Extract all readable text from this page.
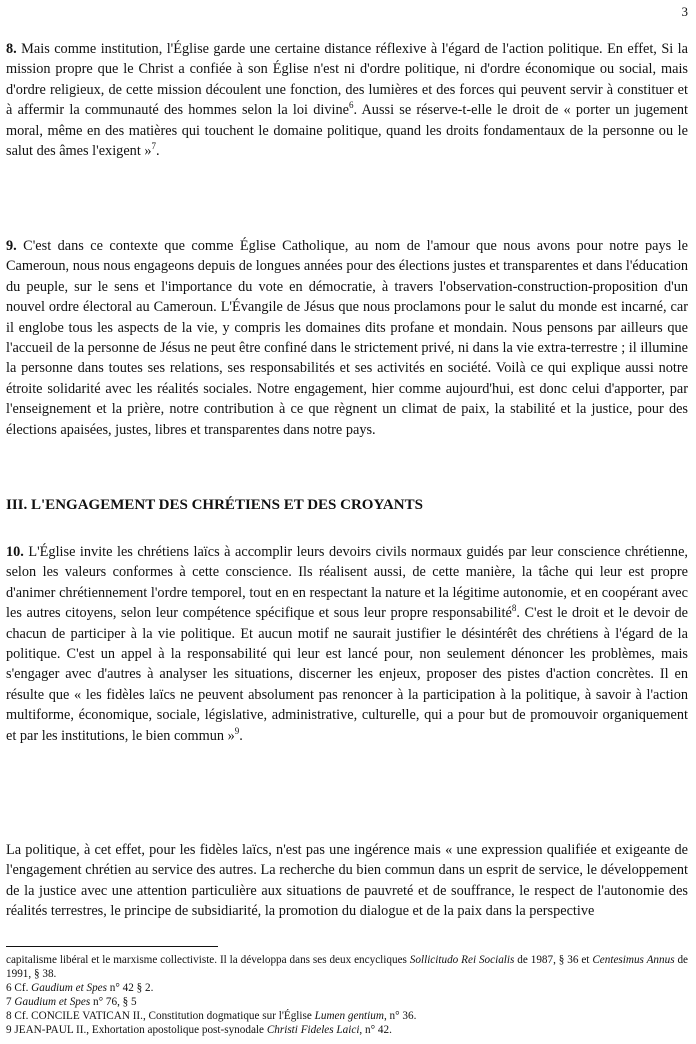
3

8. Mais comme institution, l'Église garde une certaine distance réflexive à l'égard de l'action politique. En effet, Si la mission propre que le Christ a confiée à son Église n'est ni d'ordre politique, ni d'ordre économique ou social, mais d'ordre religieux, de cette mission découlent une fonction, des lumières et des forces qui peuvent servir à constituer et à affermir la communauté des hommes selon la loi divine$^6$. Aussi se réserve-t-elle le droit de « porter un jugement moral, même en des matières qui touchent le domaine politique, quand les droits fondamentaux de la personne ou le salut des âmes l'exigent »$^7$.

9. C'est dans ce contexte que comme Église Catholique, au nom de l'amour que nous avons pour notre pays le Cameroun, nous nous engageons depuis de longues années pour des élections justes et transparentes et dans l'éducation du peuple, sur le sens et l'importance du vote en démocratie, à travers l'observation-construction-proposition d'un nouvel ordre électoral au Cameroun. L'Évangile de Jésus que nous proclamons pour le salut du monde est incarné, car il englobe tous les aspects de la vie, y compris les domaines dits profane et mondain. Nous pensons par ailleurs que l'accueil de la personne de Jésus ne peut être confiné dans le strictement privé, ni dans la vie extra-terrestre ; il illumine la personne dans toutes ses relations, ses responsabilités et ses activités en société. Voilà ce qui explique aussi notre étroite solidarité avec les réalités sociales. Notre engagement, hier comme aujourd'hui, est donc celui d'apporter, par l'enseignement et la prière, notre contribution à ce que règnent un climat de paix, la stabilité et la justice, pour des élections apaisées, justes, libres et transparentes dans notre pays.

III. L'ENGAGEMENT DES CHRÉTIENS ET DES CROYANTS

10. L'Église invite les chrétiens laïcs à accomplir leurs devoirs civils normaux guidés par leur conscience chrétienne, selon les valeurs conformes à cette conscience. Ils réalisent aussi, de cette manière, la tâche qui leur est propre d'animer chrétiennement l'ordre temporel, tout en en respectant la nature et la légitime autonomie, et en coopérant avec les autres citoyens, selon leur compétence spécifique et sous leur propre responsabilité$^8$. C'est le droit et le devoir de chacun de participer à la vie politique. Et aucun motif ne saurait justifier le désintérêt des chrétiens à l'égard de la politique. C'est un appel à la responsabilité qui leur est lancé pour, non seulement dénoncer les problèmes, mais s'engager avec d'autres à analyser les situations, discerner les enjeux, proposer des pistes d'action concrètes. Il en résulte que « les fidèles laïcs ne peuvent absolument pas renoncer à la participation à la politique, à savoir à l'action multiforme, économique, sociale, législative, administrative, culturelle, qui a pour but de promouvoir organiquement et par les institutions, le bien commun »$^9$.

La politique, à cet effet, pour les fidèles laïcs, n'est pas une ingérence mais « une expression qualifiée et exigeante de l'engagement chrétien au service des autres. La recherche du bien commun dans un esprit de service, le développement de la justice avec une attention particulière aux situations de pauvreté et de souffrance, le respect de l'autonomie des réalités terrestres, le principe de subsidiarité, la promotion du dialogue et de la paix dans la perspective

capitalisme libéral et le marxisme collectiviste. Il la développa dans ses deux encycliques Sollicitudo Rei Socialis de 1987, § 36 et Centesimus Annus de 1991, § 38.

6 Cf. Gaudium et Spes n° 42 § 2.

7 Gaudium et Spes n° 76, § 5

8 Cf. CONCILE VATICAN II., Constitution dogmatique sur l'Église Lumen gentium, n° 36.

9 JEAN-PAUL II., Exhortation apostolique post-synodale Christi Fideles Laici, n° 42.
